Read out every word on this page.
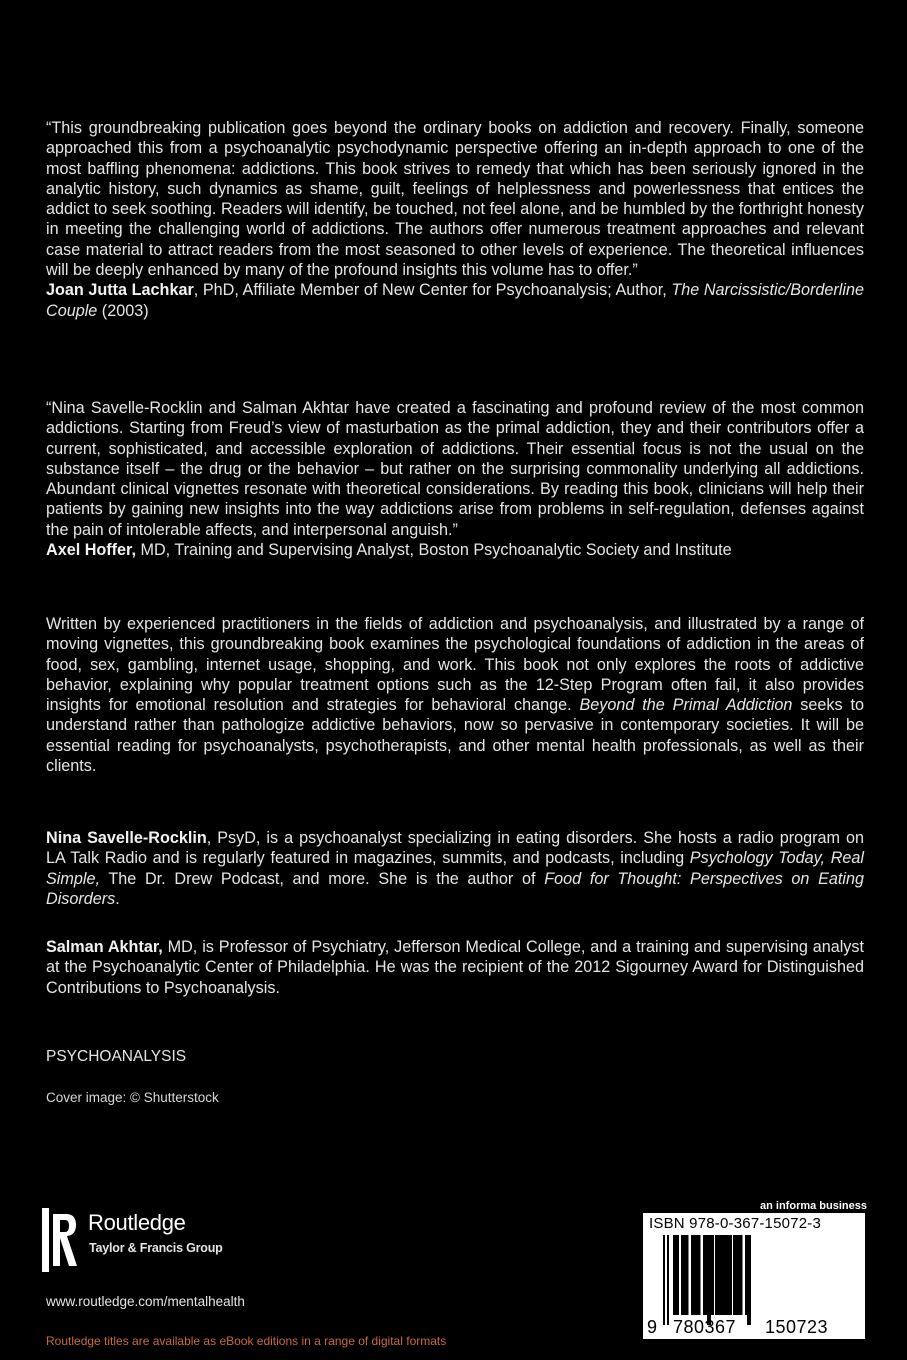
“This groundbreaking publication goes beyond the ordinary books on addiction and recovery. Finally, someone approached this from a psychoanalytic psychodynamic perspective offering an in-depth approach to one of the most baffling phenomena: addictions. This book strives to remedy that which has been seriously ignored in the analytic history, such dynamics as shame, guilt, feelings of helplessness and powerlessness that entices the addict to seek soothing. Readers will identify, be touched, not feel alone, and be humbled by the forthright honesty in meeting the challenging world of addictions. The authors offer numerous treatment approaches and relevant case material to attract readers from the most seasoned to other levels of experience. The theoretical influences will be deeply enhanced by many of the profound insights this volume has to offer.”

Joan Jutta Lachkar, PhD, Affiliate Member of New Center for Psychoanalysis; Author, The Narcissistic/Borderline Couple (2003)

“Nina Savelle-Rocklin and Salman Akhtar have created a fascinating and profound review of the most common addictions. Starting from Freud’s view of masturbation as the primal addiction, they and their contributors offer a current, sophisticated, and accessible exploration of addictions. Their essential focus is not the usual on the substance itself – the drug or the behavior – but rather on the surprising commonality underlying all addictions. Abundant clinical vignettes resonate with theoretical considerations. By reading this book, clinicians will help their patients by gaining new insights into the way addictions arise from problems in self-regulation, defenses against the pain of intolerable affects, and interpersonal anguish.”

Axel Hoffer, MD, Training and Supervising Analyst, Boston Psychoanalytic Society and Institute

Written by experienced practitioners in the fields of addiction and psychoanalysis, and illustrated by a range of moving vignettes, this groundbreaking book examines the psychological foundations of addiction in the areas of food, sex, gambling, internet usage, shopping, and work. This book not only explores the roots of addictive behavior, explaining why popular treatment options such as the 12-Step Program often fail, it also provides insights for emotional resolution and strategies for behavioral change. Beyond the Primal Addiction seeks to understand rather than pathologize addictive behaviors, now so pervasive in contemporary societies. It will be essential reading for psychoanalysts, psychotherapists, and other mental health professionals, as well as their clients.

Nina Savelle-Rocklin, PsyD, is a psychoanalyst specializing in eating disorders. She hosts a radio program on LA Talk Radio and is regularly featured in magazines, summits, and podcasts, including Psychology Today, Real Simple, The Dr. Drew Podcast, and more. She is the author of Food for Thought: Perspectives on Eating Disorders.

Salman Akhtar, MD, is Professor of Psychiatry, Jefferson Medical College, and a training and supervising analyst at the Psychoanalytic Center of Philadelphia. He was the recipient of the 2012 Sigourney Award for Distinguished Contributions to Psychoanalysis.

PSYCHOANALYSIS
Cover image: © Shutterstock
Routledge
Taylor & Francis Group
www.routledge.com/mentalhealth
Routledge titles are available as eBook editions in a range of digital formats
an informa business
ISBN 978-0-367-15072-3
9 780367 150723
